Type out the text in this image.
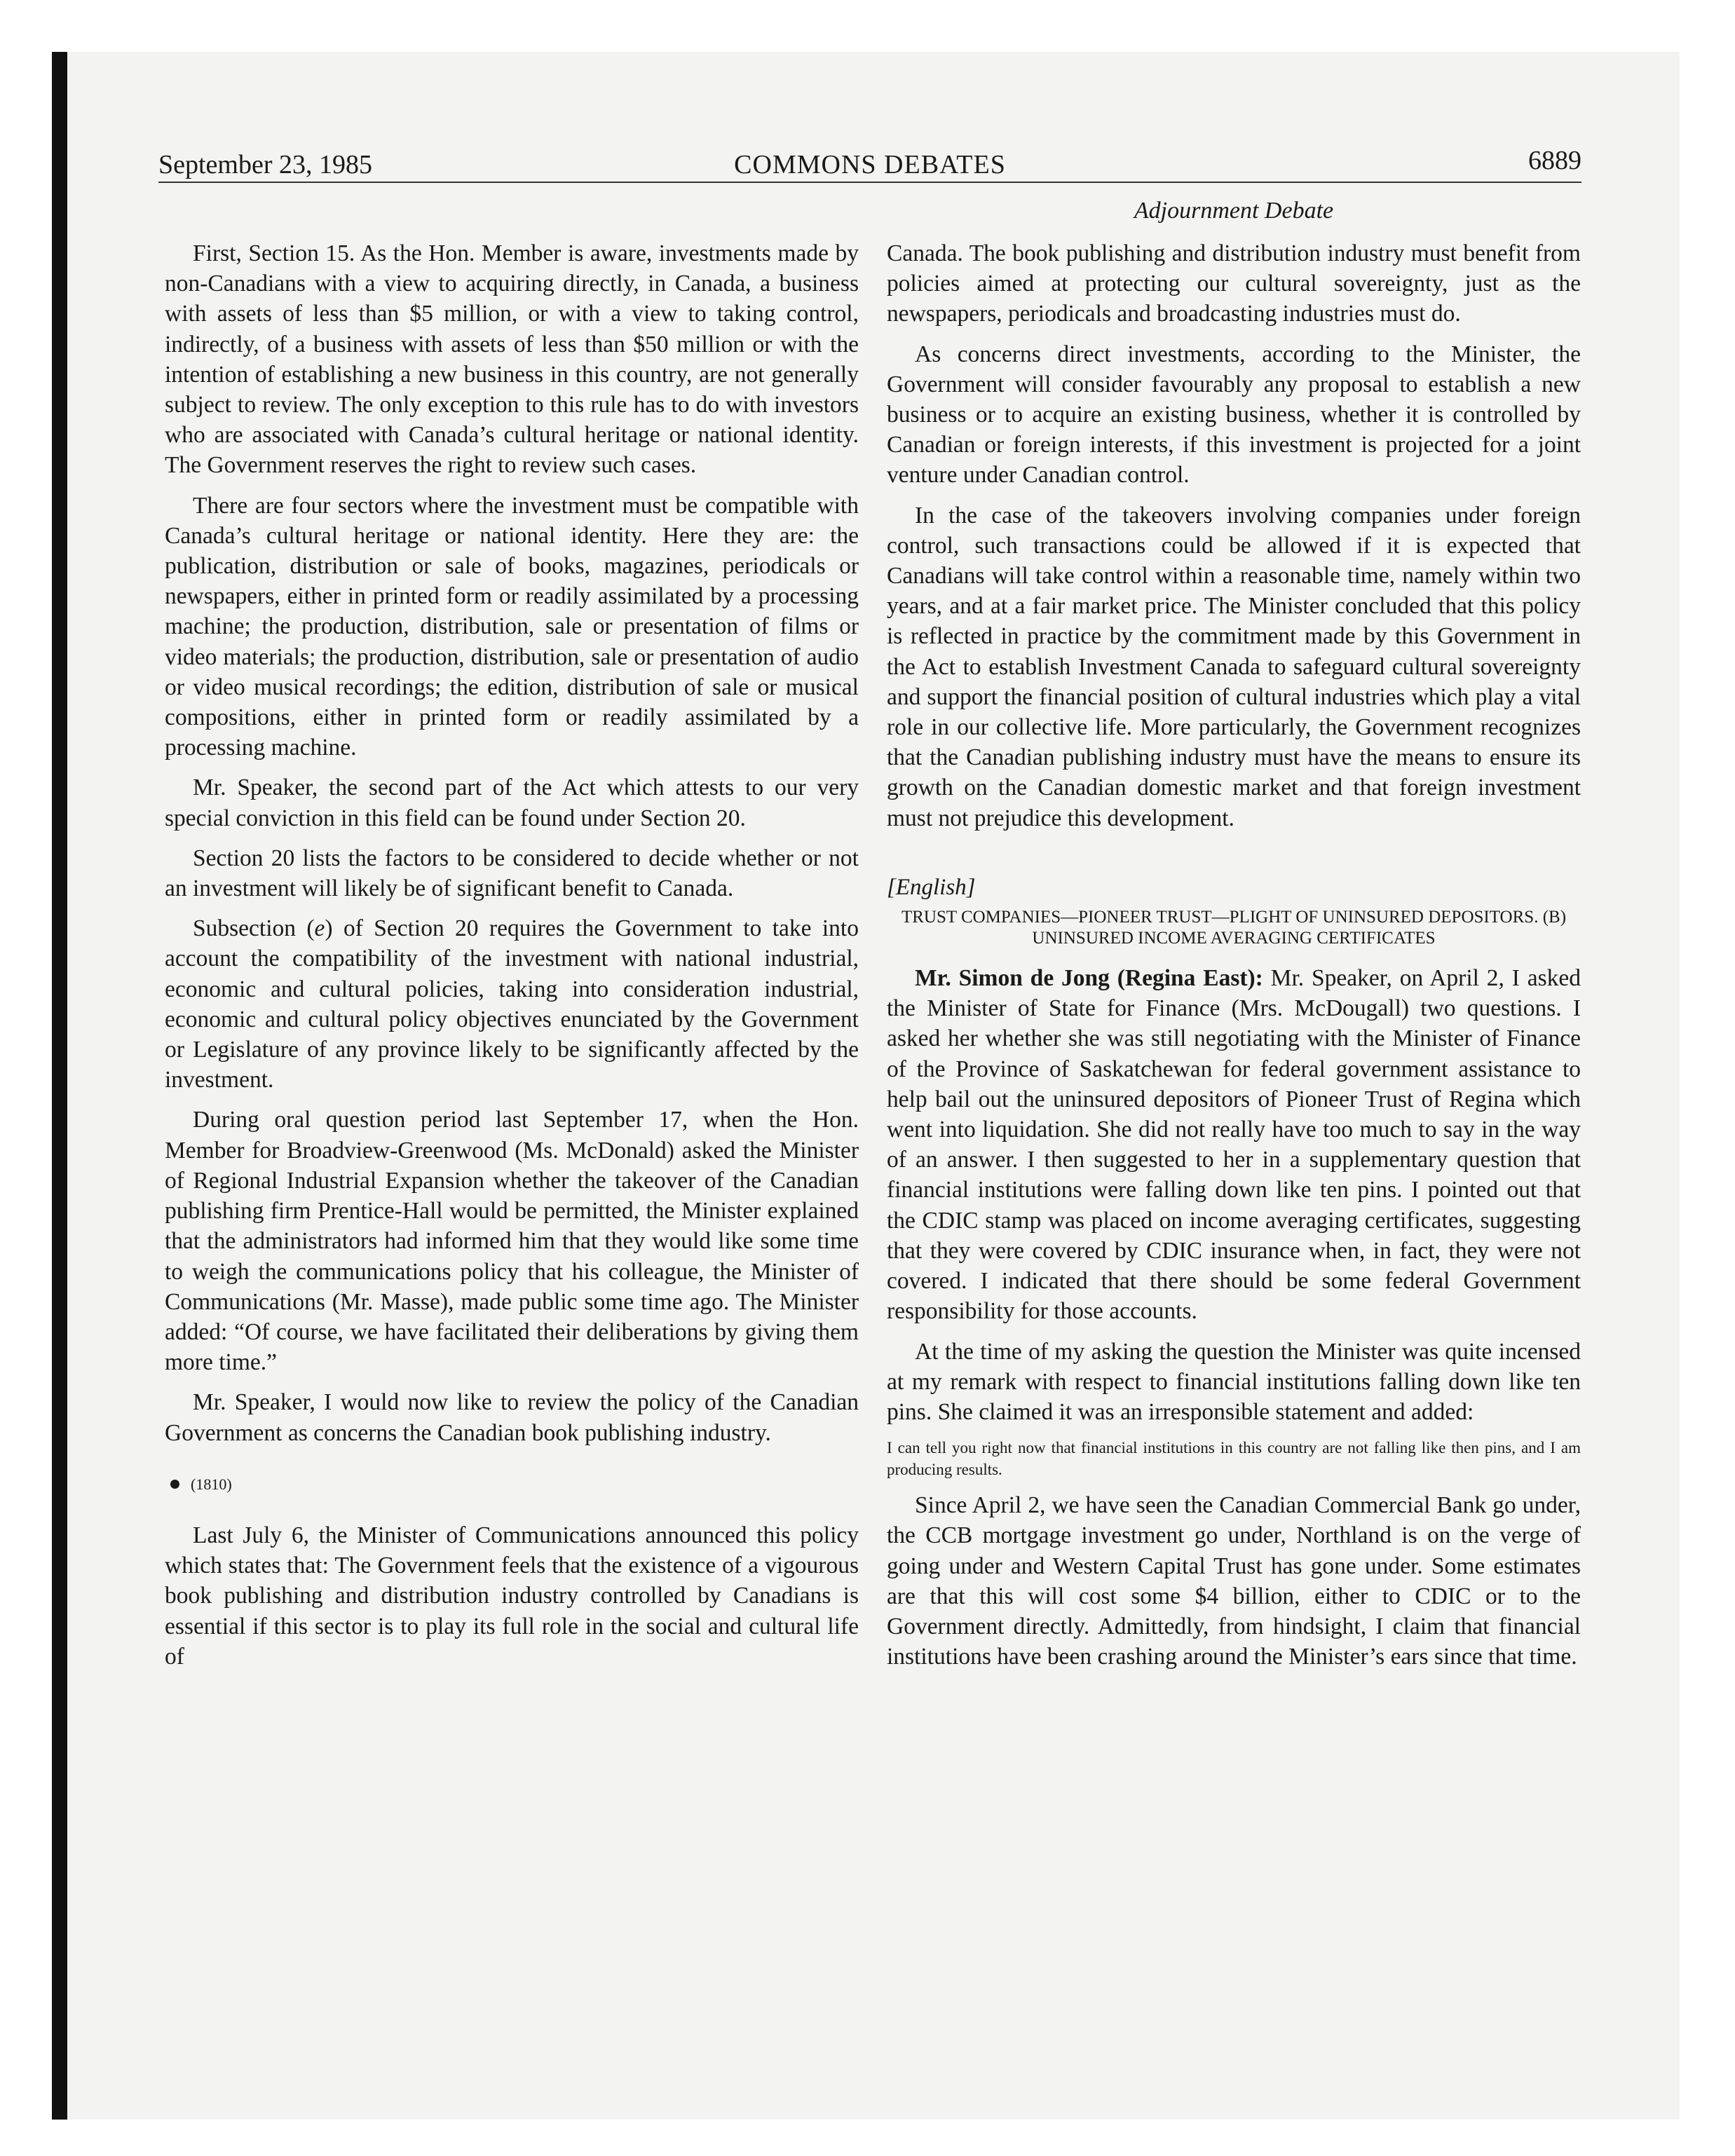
September 23, 1985	COMMONS DEBATES	6889
Adjournment Debate

First, Section 15. As the Hon. Member is aware, investments made by non-Canadians with a view to acquiring directly, in Canada, a business with assets of less than $5 million, or with a view to taking control, indirectly, of a business with assets of less than $50 million or with the intention of establishing a new business in this country, are not generally subject to review. The only exception to this rule has to do with investors who are associated with Canada’s cultural heritage or national identity. The Government reserves the right to review such cases.

There are four sectors where the investment must be compatible with Canada’s cultural heritage or national identity. Here they are: the publication, distribution or sale of books, magazines, periodicals or newspapers, either in printed form or readily assimilated by a processing machine; the production, distribution, sale or presentation of films or video materials; the production, distribution, sale or presentation of audio or video musical recordings; the edition, distribution of sale or musical compositions, either in printed form or readily assimilated by a processing machine.

Mr. Speaker, the second part of the Act which attests to our very special conviction in this field can be found under Section 20.

Section 20 lists the factors to be considered to decide whether or not an investment will likely be of significant benefit to Canada.

Subsection (e) of Section 20 requires the Government to take into account the compatibility of the investment with national industrial, economic and cultural policies, taking into consideration industrial, economic and cultural policy objectives enunciated by the Government or Legislature of any province likely to be significantly affected by the investment.

During oral question period last September 17, when the Hon. Member for Broadview-Greenwood (Ms. McDonald) asked the Minister of Regional Industrial Expansion whether the takeover of the Canadian publishing firm Prentice-Hall would be permitted, the Minister explained that the administrators had informed him that they would like some time to weigh the communications policy that his colleague, the Minister of Communications (Mr. Masse), made public some time ago. The Minister added: “Of course, we have facilitated their deliberations by giving them more time.”

Mr. Speaker, I would now like to review the policy of the Canadian Government as concerns the Canadian book publishing industry.

(1810)

Last July 6, the Minister of Communications announced this policy which states that: The Government feels that the existence of a vigourous book publishing and distribution industry controlled by Canadians is essential if this sector is to play its full role in the social and cultural life of

Canada. The book publishing and distribution industry must benefit from policies aimed at protecting our cultural sovereignty, just as the newspapers, periodicals and broadcasting industries must do.

As concerns direct investments, according to the Minister, the Government will consider favourably any proposal to establish a new business or to acquire an existing business, whether it is controlled by Canadian or foreign interests, if this investment is projected for a joint venture under Canadian control.

In the case of the takeovers involving companies under foreign control, such transactions could be allowed if it is expected that Canadians will take control within a reasonable time, namely within two years, and at a fair market price. The Minister concluded that this policy is reflected in practice by the commitment made by this Government in the Act to establish Investment Canada to safeguard cultural sovereignty and support the financial position of cultural industries which play a vital role in our collective life. More particularly, the Government recognizes that the Canadian publishing industry must have the means to ensure its growth on the Canadian domestic market and that foreign investment must not prejudice this development.

[English]
TRUST COMPANIES—PIONEER TRUST—PLIGHT OF UNINSURED DEPOSITORS. (B) UNINSURED INCOME AVERAGING CERTIFICATES

Mr. Simon de Jong (Regina East): Mr. Speaker, on April 2, I asked the Minister of State for Finance (Mrs. McDougall) two questions. I asked her whether she was still negotiating with the Minister of Finance of the Province of Saskatchewan for federal government assistance to help bail out the uninsured depositors of Pioneer Trust of Regina which went into liquidation. She did not really have too much to say in the way of an answer. I then suggested to her in a supplementary question that financial institutions were falling down like ten pins. I pointed out that the CDIC stamp was placed on income averaging certificates, suggesting that they were covered by CDIC insurance when, in fact, they were not covered. I indicated that there should be some federal Government responsibility for those accounts.

At the time of my asking the question the Minister was quite incensed at my remark with respect to financial institutions falling down like ten pins. She claimed it was an irresponsible statement and added:

I can tell you right now that financial institutions in this country are not falling like then pins, and I am producing results.

Since April 2, we have seen the Canadian Commercial Bank go under, the CCB mortgage investment go under, Northland is on the verge of going under and Western Capital Trust has gone under. Some estimates are that this will cost some $4 billion, either to CDIC or to the Government directly. Admittedly, from hindsight, I claim that financial institutions have been crashing around the Minister’s ears since that time.
